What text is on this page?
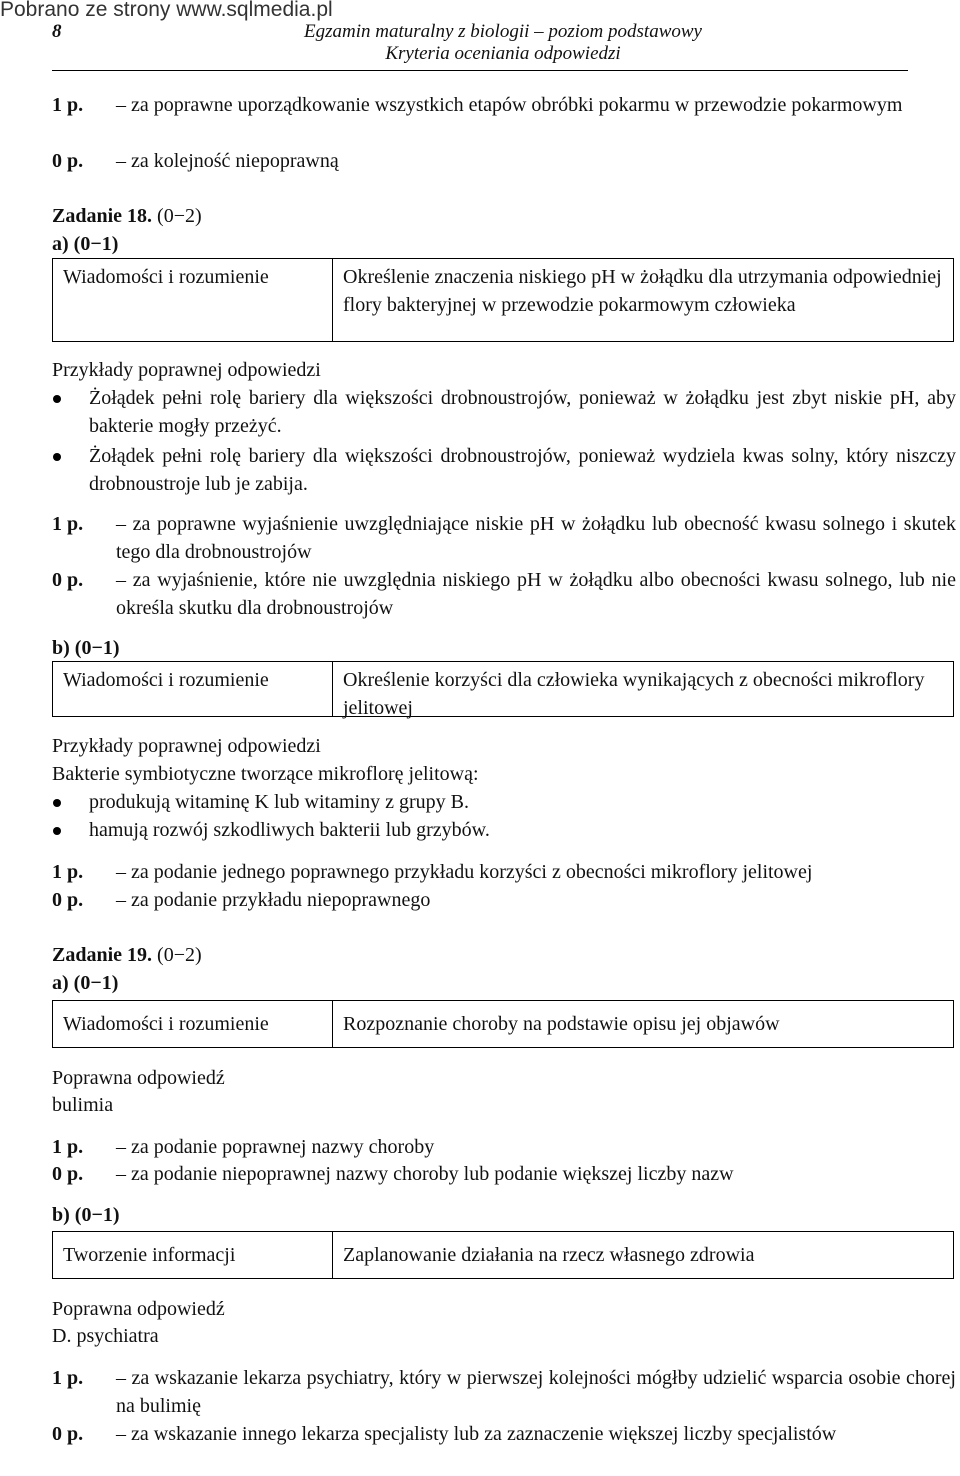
Pobrano ze strony www.sqlmedia.pl
8	Egzamin maturalny z biologii – poziom podstawowy
Kryteria oceniania odpowiedzi
1 p.	– za poprawne uporządkowanie wszystkich etapów obróbki pokarmu w przewodzie pokarmowym
0 p.	– za kolejność niepoprawną
Zadanie 18. (0−2)
a) (0−1)
Wiadomości i rozumienie	Określenie znaczenia niskiego pH w żołądku dla utrzymania odpowiedniej flory bakteryjnej w przewodzie pokarmowym człowieka
Przykłady poprawnej odpowiedzi
Żołądek pełni rolę bariery dla większości drobnoustrojów, ponieważ w żołądku jest zbyt niskie pH, aby bakterie mogły przeżyć.
Żołądek pełni rolę bariery dla większości drobnoustrojów, ponieważ wydziela kwas solny, który niszczy drobnoustroje lub je zabija.
1 p.	– za poprawne wyjaśnienie uwzględniające niskie pH w żołądku lub obecność kwasu solnego i skutek tego dla drobnoustrojów
0 p.	– za wyjaśnienie, które nie uwzględnia niskiego pH w żołądku albo obecności kwasu solnego, lub nie określa skutku dla drobnoustrojów
b) (0−1)
Wiadomości i rozumienie	Określenie korzyści dla człowieka wynikających z obecności mikroflory jelitowej
Przykłady poprawnej odpowiedzi
Bakterie symbiotyczne tworzące mikroflorę jelitową:
produkują witaminę K lub witaminy z grupy B.
hamują rozwój szkodliwych bakterii lub grzybów.
1 p.	– za podanie jednego poprawnego przykładu korzyści z obecności mikroflory jelitowej
0 p.	– za podanie przykładu niepoprawnego
Zadanie 19. (0−2)
a) (0−1)
Wiadomości i rozumienie	Rozpoznanie choroby na podstawie opisu jej objawów
Poprawna odpowiedź
bulimia
1 p.	– za podanie poprawnej nazwy choroby
0 p.	– za podanie niepoprawnej nazwy choroby lub podanie większej liczby nazw
b) (0−1)
Tworzenie informacji	Zaplanowanie działania na rzecz własnego zdrowia
Poprawna odpowiedź
D. psychiatra
1 p.	– za wskazanie lekarza psychiatry, który w pierwszej kolejności mógłby udzielić wsparcia osobie chorej na bulimię
0 p.	– za wskazanie innego lekarza specjalisty lub za zaznaczenie większej liczby specjalistów
